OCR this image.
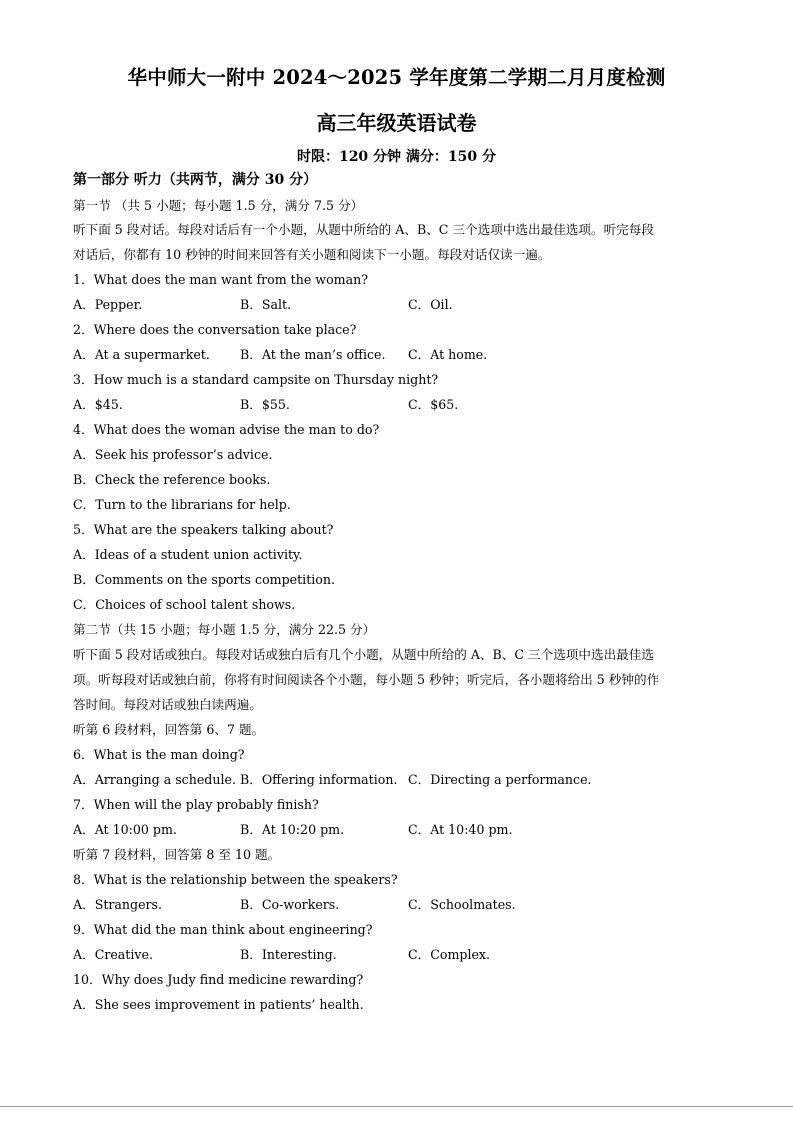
华中师大一附中 2024～2025 学年度第二学期二月月度检测
高三年级英语试卷
时限：120 分钟 满分：150 分
第一部分 听力（共两节，满分 30 分）
第一节 （共 5 小题；每小题 1.5 分，满分 7.5 分）
听下面 5 段对话。每段对话后有一个小题，从题中所给的 A、B、C 三个选项中选出最佳选项。听完每段
对话后，你都有 10 秒钟的时间来回答有关小题和阅读下一小题。每段对话仅读一遍。
1．What does the man want from the woman?
A．Pepper.	B．Salt.	C．Oil.
2．Where does the conversation take place?
A．At a supermarket. B．At the man’s office. C．At home.
3．How much is a standard campsite on Thursday night?
A．$45.	B．$55.	C．$65.
4．What does the woman advise the man to do?
A．Seek his professor’s advice.
B．Check the reference books.
C．Turn to the librarians for help.
5．What are the speakers talking about?
A．Ideas of a student union activity.
B．Comments on the sports competition.
C．Choices of school talent shows.
第二节（共 15 小题；每小题 1.5 分，满分 22.5 分）
听下面 5 段对话或独白。每段对话或独白后有几个小题，从题中所给的 A、B、C 三个选项中选出最佳选
项。听每段对话或独白前，你将有时间阅读各个小题，每小题 5 秒钟；听完后，各小题将给出 5 秒钟的作
答时间。每段对话或独白读两遍。
听第 6 段材料，回答第 6、7 题。
6．What is the man doing?
A．Arranging a schedule. B．Offering information. C．Directing a performance.
7．When will the play probably finish?
A．At 10:00 pm.	B．At 10:20 pm.	C．At 10:40 pm.
听第 7 段材料，回答第 8 至 10 题。
8．What is the relationship between the speakers?
A．Strangers.	B．Co-workers.	C．Schoolmates.
9．What did the man think about engineering?
A．Creative.	B．Interesting.	C．Complex.
10．Why does Judy find medicine rewarding?
A．She sees improvement in patients’ health.
